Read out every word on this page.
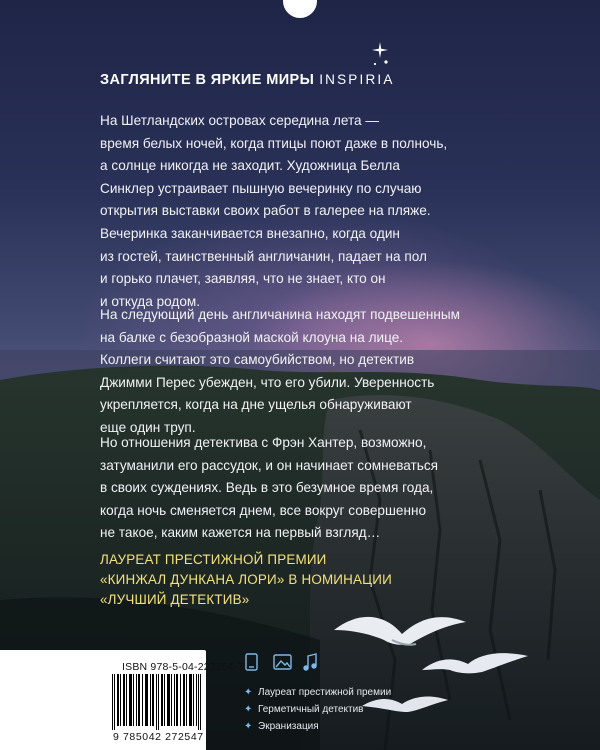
ЗАГЛЯНИТЕ В ЯРКИЕ МИРЫ INSPIRIA

На Шетландских островах середина лета —
время белых ночей, когда птицы поют даже в полночь,
а солнце никогда не заходит. Художница Белла
Синклер устраивает пышную вечеринку по случаю
открытия выставки своих работ в галерее на пляже.
Вечеринка заканчивается внезапно, когда один
из гостей, таинственный англичанин, падает на пол
и горько плачет, заявляя, что не знает, кто он
и откуда родом.

На следующий день англичанина находят подвешенным
на балке с безобразной маской клоуна на лице.
Коллеги считают это самоубийством, но детектив
Джимми Перес убежден, что его убили. Уверенность
укрепляется, когда на дне ущелья обнаруживают
еще один труп.

Но отношения детектива с Фрэн Хантер, возможно,
затуманили его рассудок, и он начинает сомневаться
в своих суждениях. Ведь в это безумное время года,
когда ночь сменяется днем, все вокруг совершенно
не такое, каким кажется на первый взгляд…

ЛАУРЕАТ ПРЕСТИЖНОЙ ПРЕМИИ
«КИНЖАЛ ДУНКАНА ЛОРИ» В НОМИНАЦИИ
«ЛУЧШИЙ ДЕТЕКТИВ»
ISBN 978-5-04-227254-7
9 785042 272547 >
✦ Лауреат престижной премии
✦ Герметичный детектив
✦ Экранизация
